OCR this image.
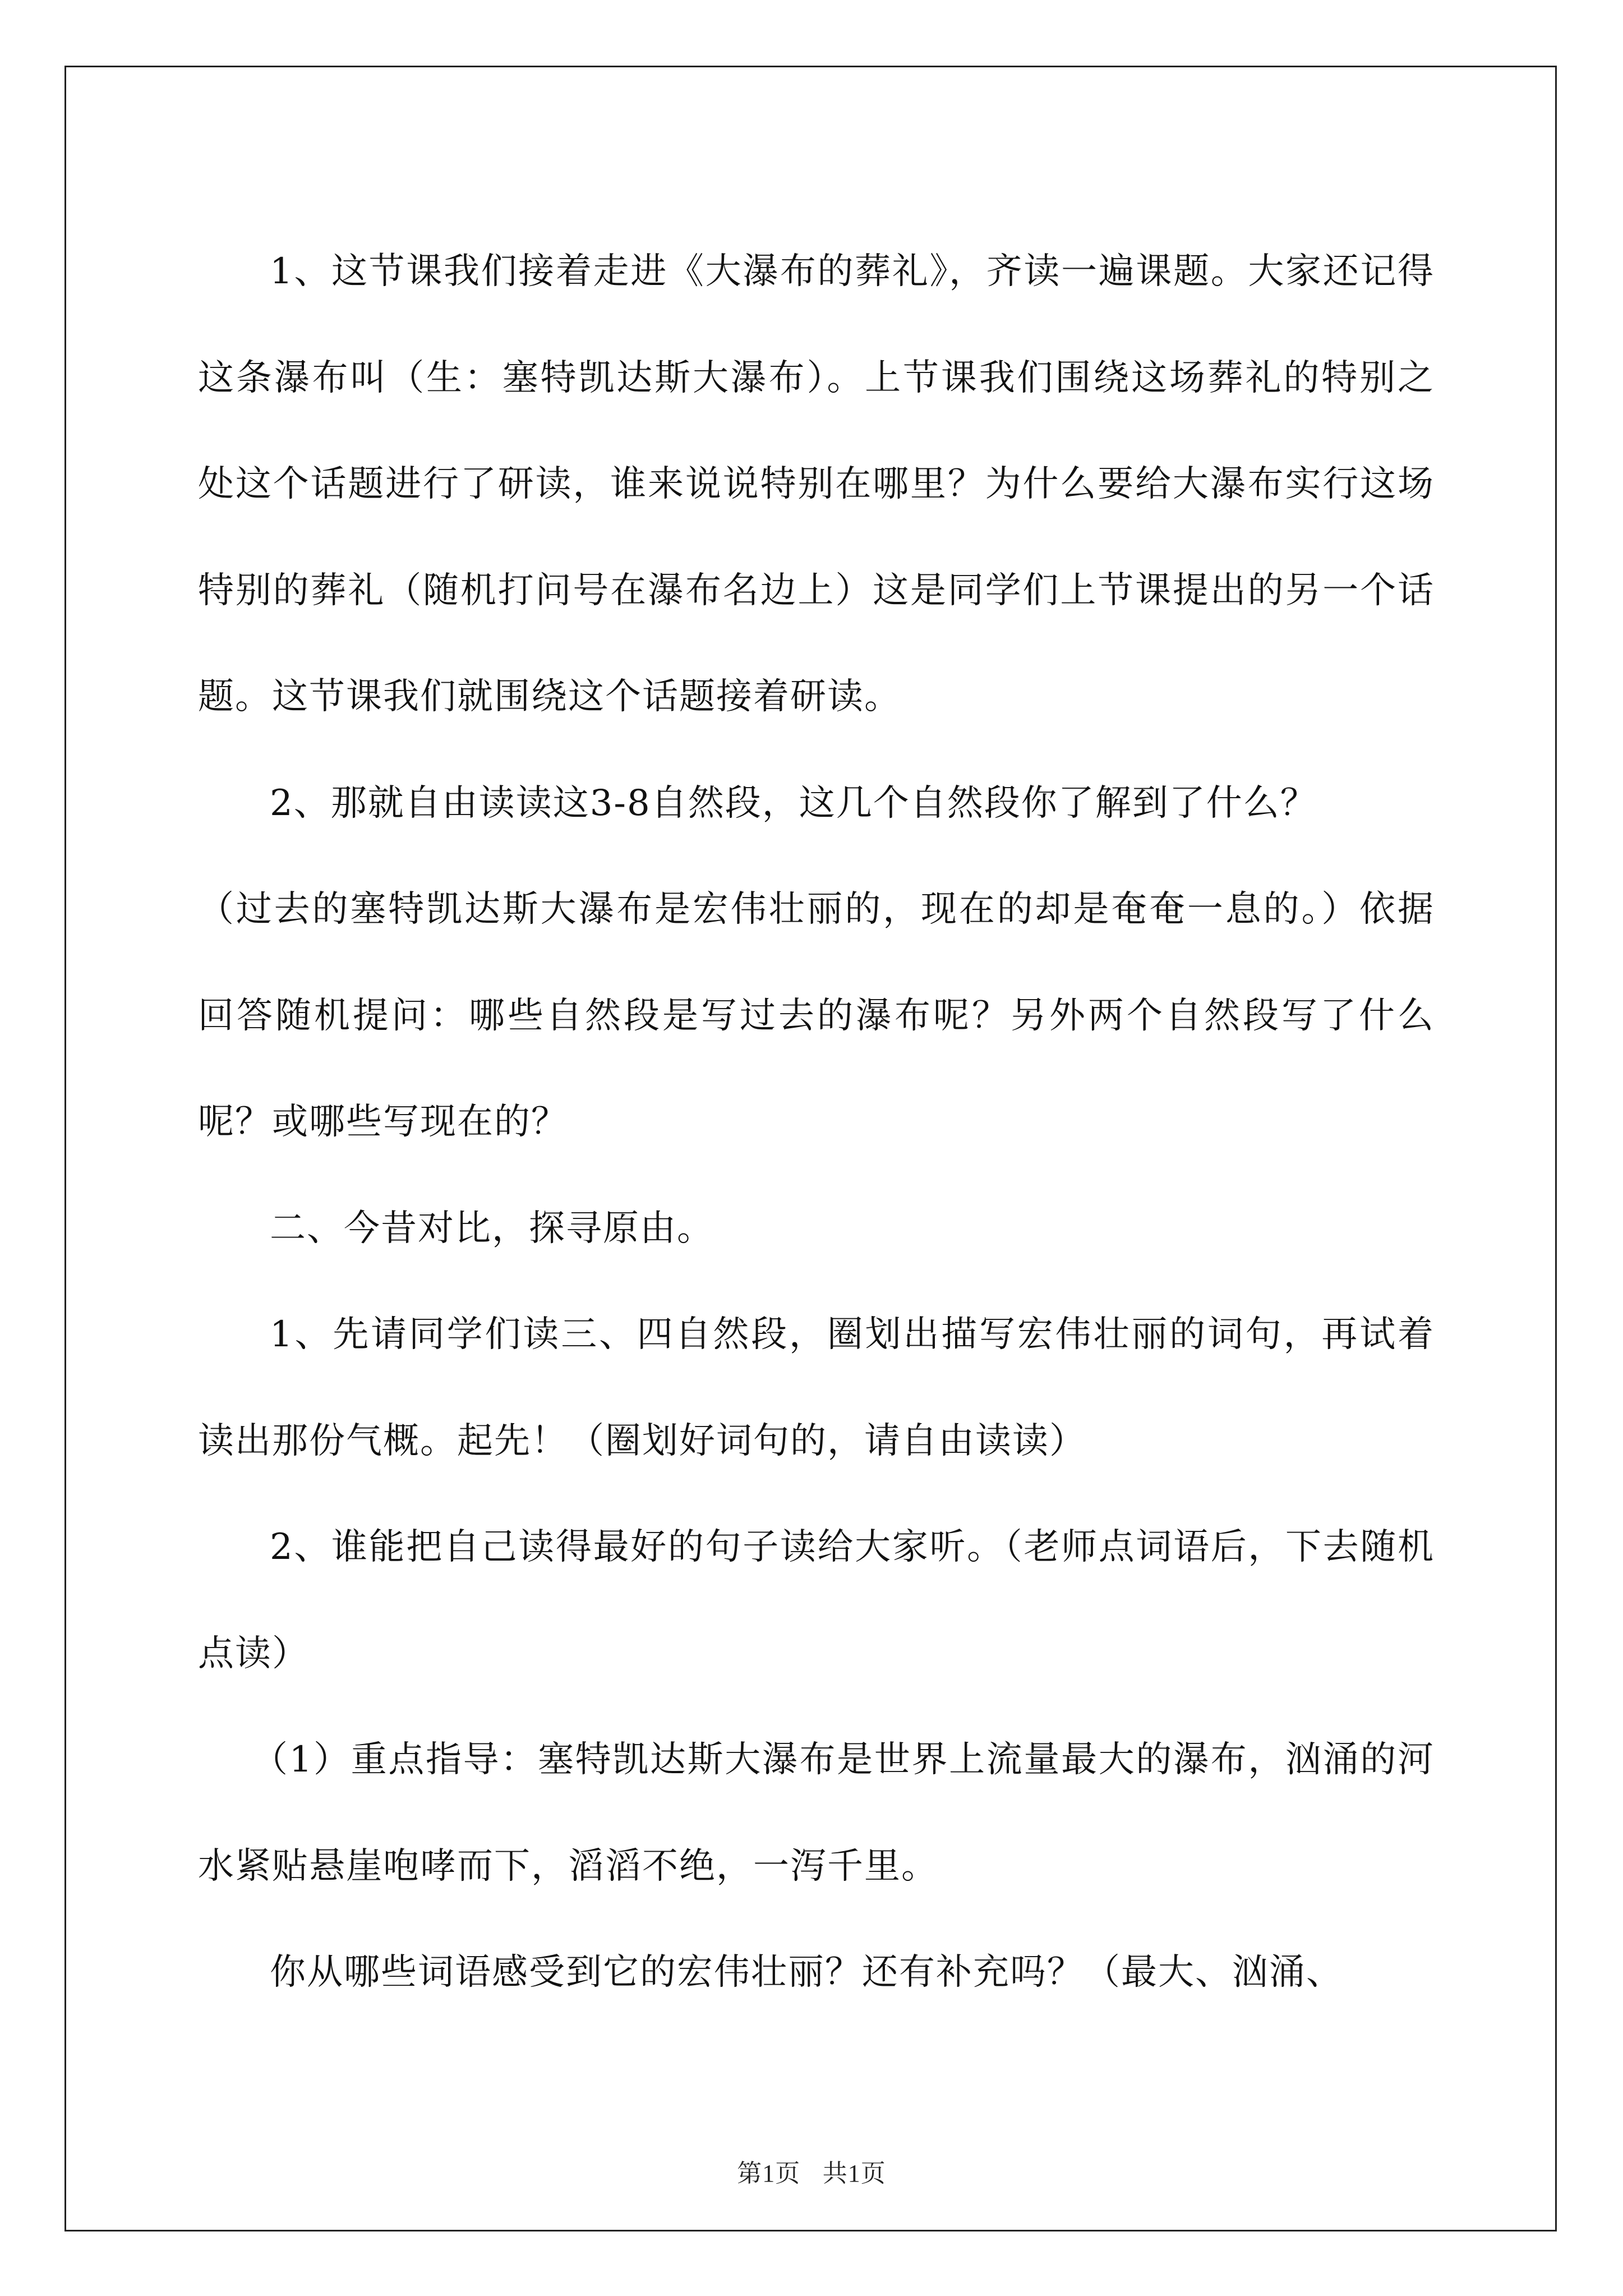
1、这节课我们接着走进《大瀑布的葬礼》，齐读一遍课题。大家还记得这条瀑布叫（生：塞特凯达斯大瀑布）。上节课我们围绕这场葬礼的特别之处这个话题进行了研读，谁来说说特别在哪里？为什么要给大瀑布实行这场特别的葬礼（随机打问号在瀑布名边上）这是同学们上节课提出的另一个话题。这节课我们就围绕这个话题接着研读。

2、那就自由读读这3-8自然段，这几个自然段你了解到了什么？

（过去的塞特凯达斯大瀑布是宏伟壮丽的，现在的却是奄奄一息的。）依据回答随机提问：哪些自然段是写过去的瀑布呢？另外两个自然段写了什么呢？或哪些写现在的？

二、今昔对比，探寻原由。

1、先请同学们读三、四自然段，圈划出描写宏伟壮丽的词句，再试着读出那份气概。起先！（圈划好词句的，请自由读读）

2、谁能把自己读得最好的句子读给大家听。（老师点词语后，下去随机点读）

（1）重点指导：塞特凯达斯大瀑布是世界上流量最大的瀑布，汹涌的河水紧贴悬崖咆哮而下，滔滔不绝，一泻千里。

你从哪些词语感受到它的宏伟壮丽？还有补充吗？（最大、汹涌、

第1页 共1页
